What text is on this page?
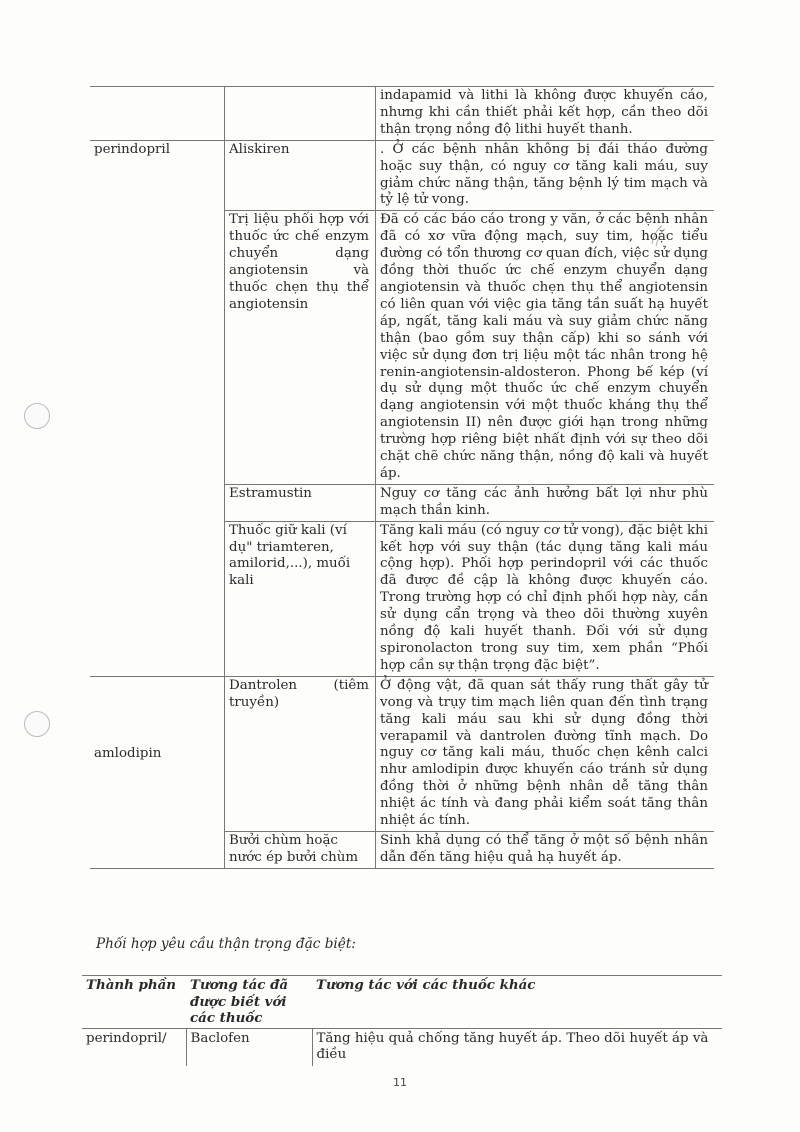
		indapamid và lithi là không được khuyến cáo, nhưng khi cần thiết phải kết hợp, cần theo dõi thận trọng nồng độ lithi huyết thanh.
perindopril	Aliskiren	. Ở các bệnh nhân không bị đái tháo đường hoặc suy thận, có nguy cơ tăng kali máu, suy giảm chức năng thận, tăng bệnh lý tim mạch và tỷ lệ tử vong.
	Trị liệu phối hợp với thuốc ức chế enzym chuyển dạng angiotensin và thuốc chẹn thụ thể angiotensin	Đã có các báo cáo trong y văn, ở các bệnh nhân đã có xơ vữa động mạch, suy tim, hoặc tiểu đường có tổn thương cơ quan đích, việc sử dụng đồng thời thuốc ức chế enzym chuyển dạng angiotensin và thuốc chẹn thụ thể angiotensin có liên quan với việc gia tăng tần suất hạ huyết áp, ngất, tăng kali máu và suy giảm chức năng thận (bao gồm suy thận cấp) khi so sánh với việc sử dụng đơn trị liệu một tác nhân trong hệ renin-angiotensin-aldosteron. Phong bế kép (ví dụ sử dụng một thuốc ức chế enzym chuyển dạng angiotensin với một thuốc kháng thụ thể angiotensin II) nên được giới hạn trong những trường hợp riêng biệt nhất định với sự theo dõi chặt chẽ chức năng thận, nồng độ kali và huyết áp.
	Estramustin	Nguy cơ tăng các ảnh hưởng bất lợi như phù mạch thần kinh.
	Thuốc giữ kali (ví dụ" triamteren, amilorid,...), muối kali	Tăng kali máu (có nguy cơ tử vong), đặc biệt khi kết hợp với suy thận (tác dụng tăng kali máu cộng hợp). Phối hợp perindopril với các thuốc đã được đề cập là không được khuyến cáo. Trong trường hợp có chỉ định phối hợp này, cần sử dụng cẩn trọng và theo dõi thường xuyên nồng độ kali huyết thanh. Đối với sử dụng spironolacton trong suy tim, xem phần “Phối hợp cần sự thận trọng đặc biệt”.
amlodipin	Dantrolen (tiêm truyền)	Ở động vật, đã quan sát thấy rung thất gây tử vong và trụy tim mạch liên quan đến tình trạng tăng kali máu sau khi sử dụng đồng thời verapamil và dantrolen đường tĩnh mạch. Do nguy cơ tăng kali máu, thuốc chẹn kênh calci như amlodipin được khuyến cáo tránh sử dụng đồng thời ở những bệnh nhân dễ tăng thân nhiệt ác tính và đang phải kiểm soát tăng thân nhiệt ác tính.
	Bưởi chùm hoặc nước ép bưởi chùm	Sinh khả dụng có thể tăng ở một số bệnh nhân dẫn đến tăng hiệu quả hạ huyết áp.
Phối hợp yêu cầu thận trọng đặc biệt:
Thành phần	Tương tác đã được biết với các thuốc	Tương tác với các thuốc khác
perindopril/	Baclofen	Tăng hiệu quả chống tăng huyết áp. Theo dõi huyết áp và điều
11
